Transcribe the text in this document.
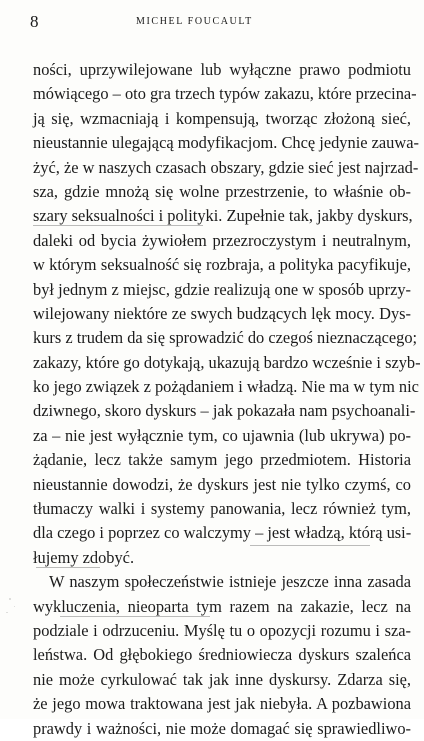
8	MICHEL FOUCAULT
ności, uprzywilejowane lub wyłączne prawo podmiotu
mówiącego – oto gra trzech typów zakazu, które przecina-
ją się, wzmacniają i kompensują, tworząc złożoną sieć,
nieustannie ulegającą modyfikacjom. Chcę jedynie zauwa-
żyć, że w naszych czasach obszary, gdzie sieć jest najrzad-
sza, gdzie mnożą się wolne przestrzenie, to właśnie ob-
szary seksualności i polityki. Zupełnie tak, jakby dyskurs,
daleki od bycia żywiołem przezroczystym i neutralnym,
w którym seksualność się rozbraja, a polityka pacyfikuje,
był jednym z miejsc, gdzie realizują one w sposób uprzy-
wilejowany niektóre ze swych budzących lęk mocy. Dys-
kurs z trudem da się sprowadzić do czegoś nieznaczącego;
zakazy, które go dotykają, ukazują bardzo wcześnie i szyb-
ko jego związek z pożądaniem i władzą. Nie ma w tym nic
dziwnego, skoro dyskurs – jak pokazała nam psychoanali-
za – nie jest wyłącznie tym, co ujawnia (lub ukrywa) po-
żądanie, lecz także samym jego przedmiotem. Historia
nieustannie dowodzi, że dyskurs jest nie tylko czymś, co
tłumaczy walki i systemy panowania, lecz również tym,
dla czego i poprzez co walczymy – jest władzą, którą usi-
łujemy zdobyć.
W naszym społeczeństwie istnieje jeszcze inna zasada
wykluczenia, nieoparta tym razem na zakazie, lecz na
podziale i odrzuceniu. Myślę tu o opozycji rozumu i sza-
leństwa. Od głębokiego średniowiecza dyskurs szaleńca
nie może cyrkulować tak jak inne dyskursy. Zdarza się,
że jego mowa traktowana jest jak niebyła. A pozbawiona
prawdy i ważności, nie może domagać się sprawiedliwo-
